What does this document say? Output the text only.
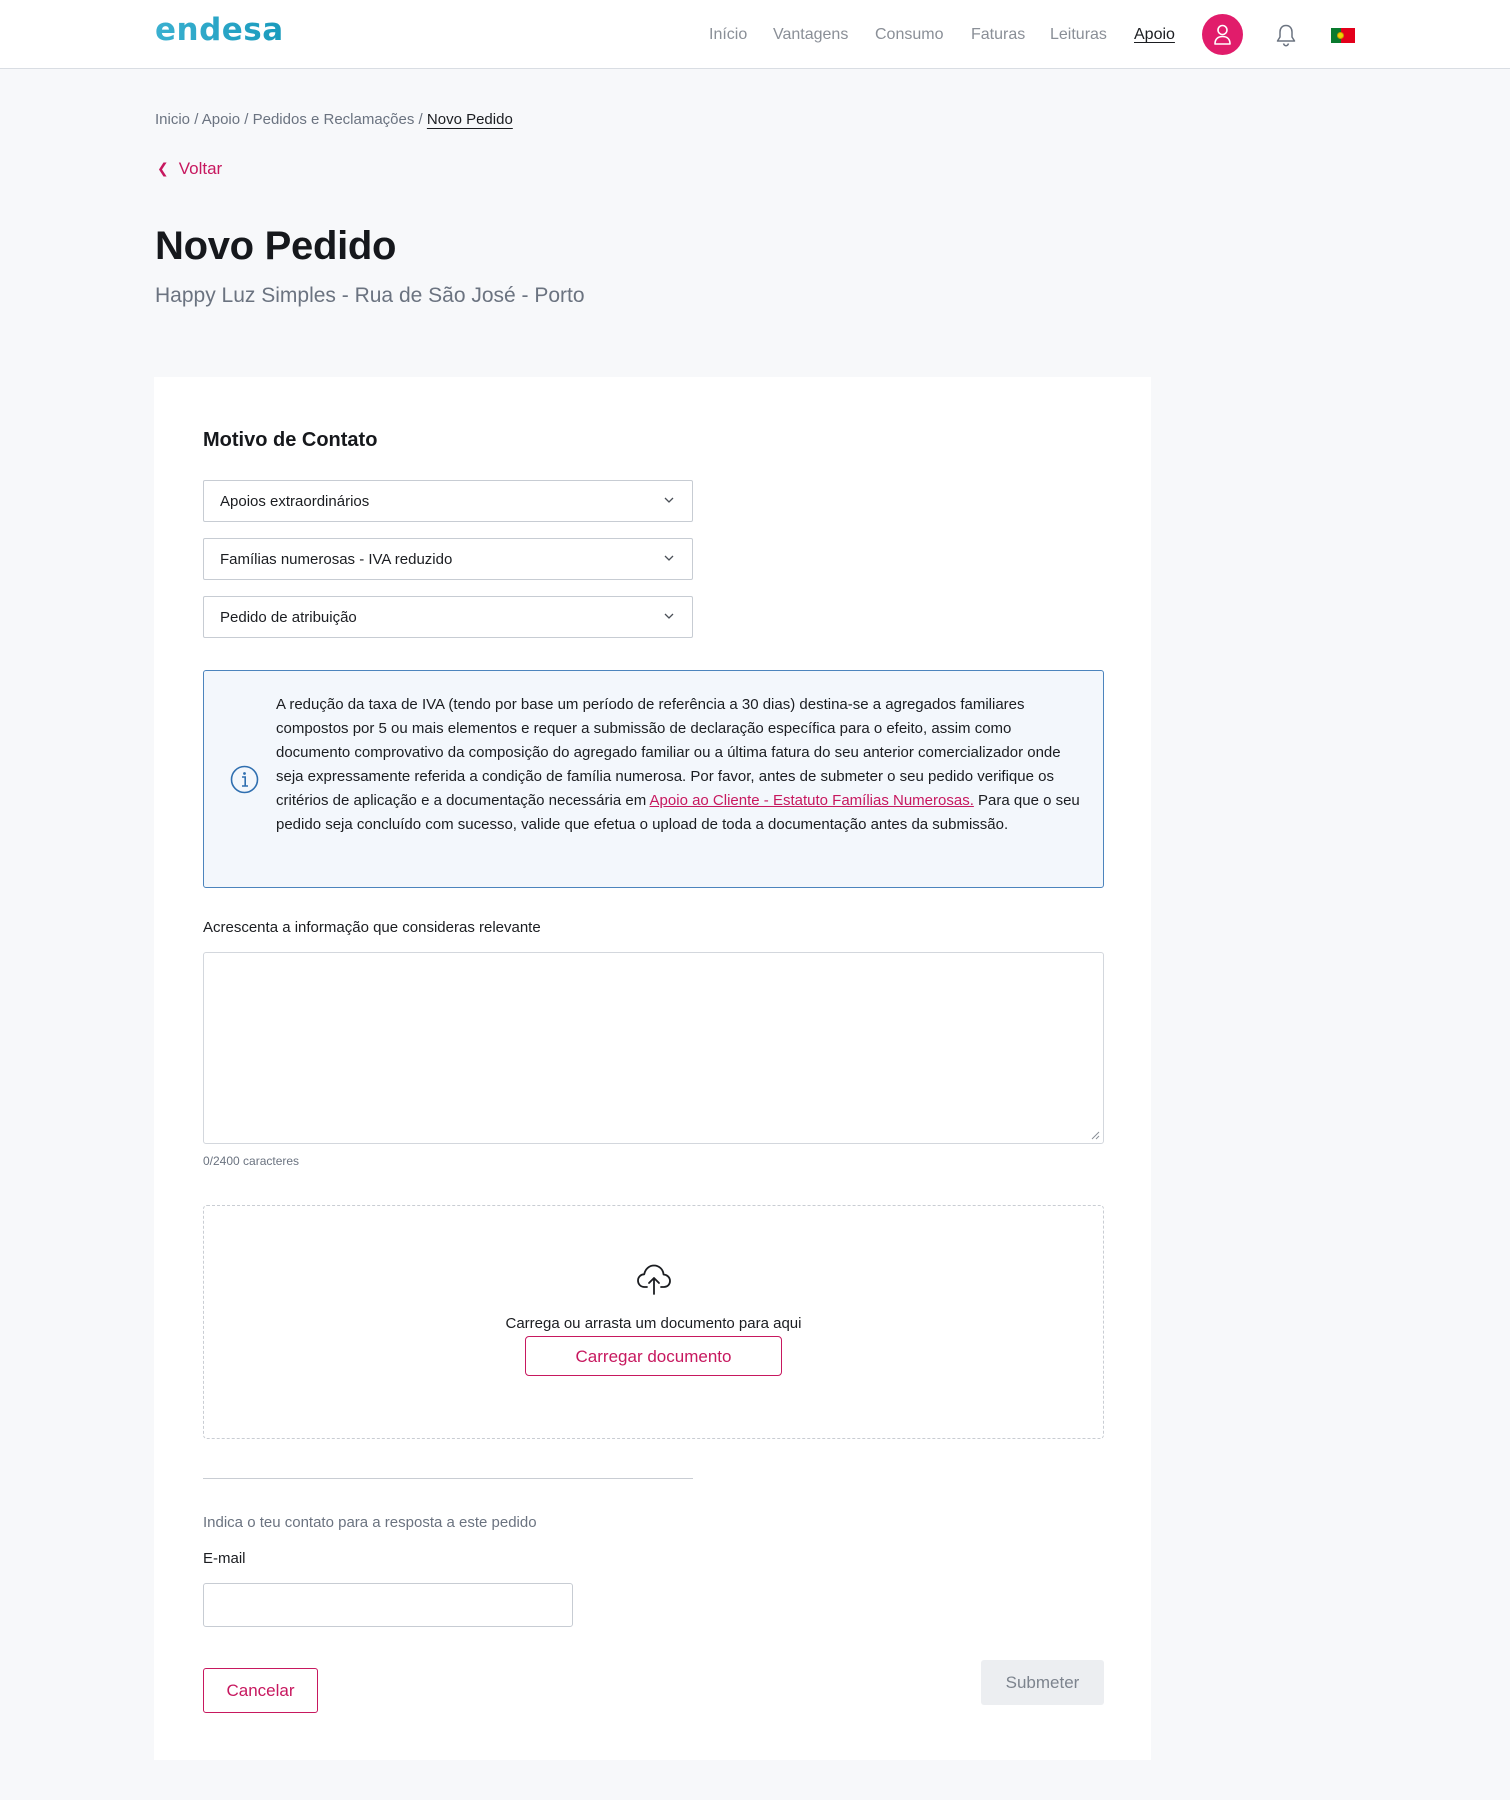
endesa	Início Vantagens Consumo Faturas Leituras Apoio
Inicio / Apoio / Pedidos e Reclamações / Novo Pedido
❮ Voltar
Novo Pedido
Happy Luz Simples - Rua de São José - Porto
Motivo de Contato
Apoios extraordinários
Famílias numerosas - IVA reduzido
Pedido de atribuição

A redução da taxa de IVA (tendo por base um período de referência a 30 dias) destina-se a agregados familiares compostos por 5 ou mais elementos e requer a submissão de declaração específica para o efeito, assim como documento comprovativo da composição do agregado familiar ou a última fatura do seu anterior comercializador onde seja expressamente referida a condição de família numerosa. Por favor, antes de submeter o seu pedido verifique os critérios de aplicação e a documentação necessária em Apoio ao Cliente - Estatuto Famílias Numerosas. Para que o seu pedido seja concluído com sucesso, valide que efetua o upload de toda a documentação antes da submissão.

Acrescenta a informação que consideras relevante
0/2400 caracteres
Carrega ou arrasta um documento para aqui
Carregar documento
Indica o teu contato para a resposta a este pedido
E-mail
Cancelar	Submeter
